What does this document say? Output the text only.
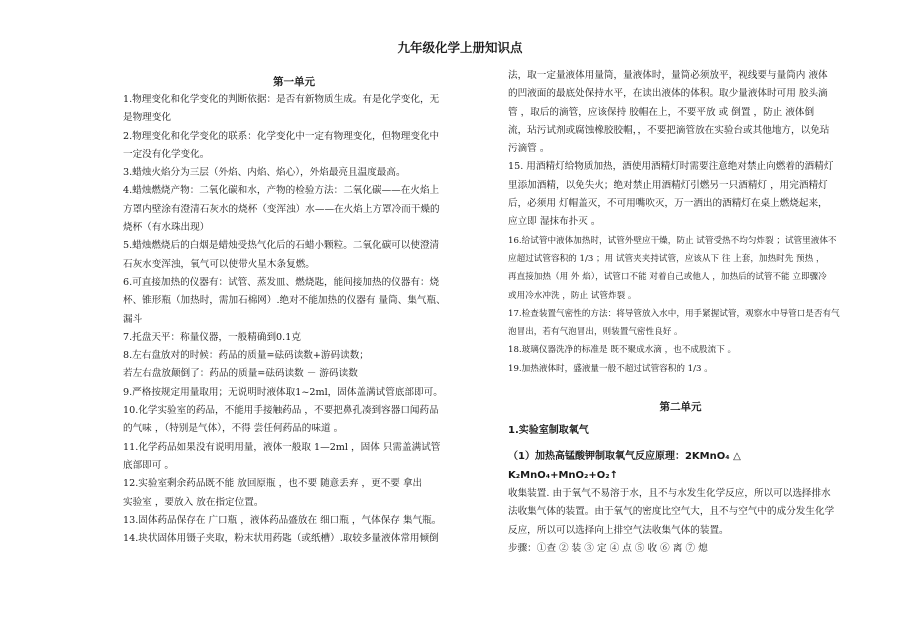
九年级化学上册知识点
第一单元
1.物理变化和化学变化的判断依据：是否有新物质生成。有是化学变化，无
是物理变化
2.物理变化和化学变化的联系：化学变化中一定有物理变化，但物理变化中
一定没有化学变化。
3.蜡烛火焰分为三层（外焰、内焰、焰心），外焰最亮且温度最高。
4.蜡烛燃烧产物：二氧化碳和水，产物的检验方法：二氧化碳——在火焰上
方罩内壁涂有澄清石灰水的烧杯（变浑浊）水——在火焰上方罩冷而干燥的
烧杯（有水珠出现）
5.蜡烛燃烧后的白烟是蜡烛受热气化后的石蜡小颗粒。二氧化碳可以使澄清
石灰水变浑浊，氧气可以使带火星木条复燃。
6.可直接加热的仪器有：试管、蒸发皿、燃烧匙，能间接加热的仪器有：烧
杯、锥形瓶（加热时，需加石棉网）.绝对不能加热的仪器有 量筒、集气瓶、
漏斗
7.托盘天平：称量仪器，一般精确到0.1克
8.左右盘放对的时候：药品的质量=砝码读数+游码读数；
若左右盘放颠倒了：药品的质量=砝码读数 － 游码读数
9.严格按规定用量取用；无说明时液体取1~2ml，固体盖满试管底部即可。
10.化学实验室的药品，不能用手接触药品 ，不要把鼻孔凑到容器口闻药品
的气味 ，（特别是气体），不得 尝任何药品的味道 。
11.化学药品如果没有说明用量，液体一般取 1—2ml ，固体 只需盖满试管
底部即可 。
12.实验室剩余药品既不能 放回原瓶 ，也不要 随意丢弃 ，更不要 拿出
实验室 ，要放入 放在指定位置。
13.固体药品保存在 广口瓶 ，液体药品盛放在 细口瓶 ，气体保存 集气瓶。
14.块状固体用镊子夹取，粉末状用药匙（或纸槽）.取较多量液体常用倾倒
法，取一定量液体用量筒，量液体时，量筒必须放平，视线要与量筒内 液体
的凹液面的最底处保持水平，在读出液体的体积。取少量液体时可用 胶头滴
管 ，取后的滴管，应该保持 胶帽在上，不要平放 或 倒置 ，防止 液体倒
流，玷污试剂或腐蚀橡胶胶帽，，不要把滴管放在实验台或其他地方，以免玷
污滴管 。
15. 用酒精灯给物质加热，酒使用酒精灯时需要注意绝对禁止向燃着的酒精灯
里添加酒精，以免失火；绝对禁止用酒精灯引燃另一只酒精灯 ，用完酒精灯
后，必须用 灯帽盖灭，不可用嘴吹灭，万一洒出的酒精灯在桌上燃烧起来，
应立即 湿抹布扑灭 。
16.给试管中液体加热时，试管外壁应干燥，防止 试管受热不均匀炸裂 ；试管里液体不
应超过试管容积的 1/3 ；用 试管夹夹持试管，应该从下 往 上套，加热时先 预热 ，
再直接加热（用 外 焰），试管口不能 对着自己或他人 ，加热后的试管不能 立即骤冷
或用冷水冲洗 ，防止 试管炸裂 。
17.检查装置气密性的方法：将导管放入水中，用手紧握试管，观察水中导管口是否有气
泡冒出，若有气泡冒出，则装置气密性良好 。
18.玻璃仪器洗净的标准是 既不聚成水滴 ，也不成股流下 。
19.加热液体时，盛液量一般不超过试管容积的 1/3 。
第二单元
1.实验室制取氧气
（1）加热高锰酸钾制取氧气反应原理：2KMnO₄ △ K₂MnO₄+MnO₂+O₂↑
收集装置. 由于氧气不易溶于水，且不与水发生化学反应，所以可以选择排水
法收集气体的装置。由于氧气的密度比空气大，且不与空气中的成分发生化学
反应，所以可以选择向上排空气法收集气体的装置。
步骤：①查 ② 装 ③ 定 ④ 点 ⑤ 收 ⑥ 离 ⑦ 熄
